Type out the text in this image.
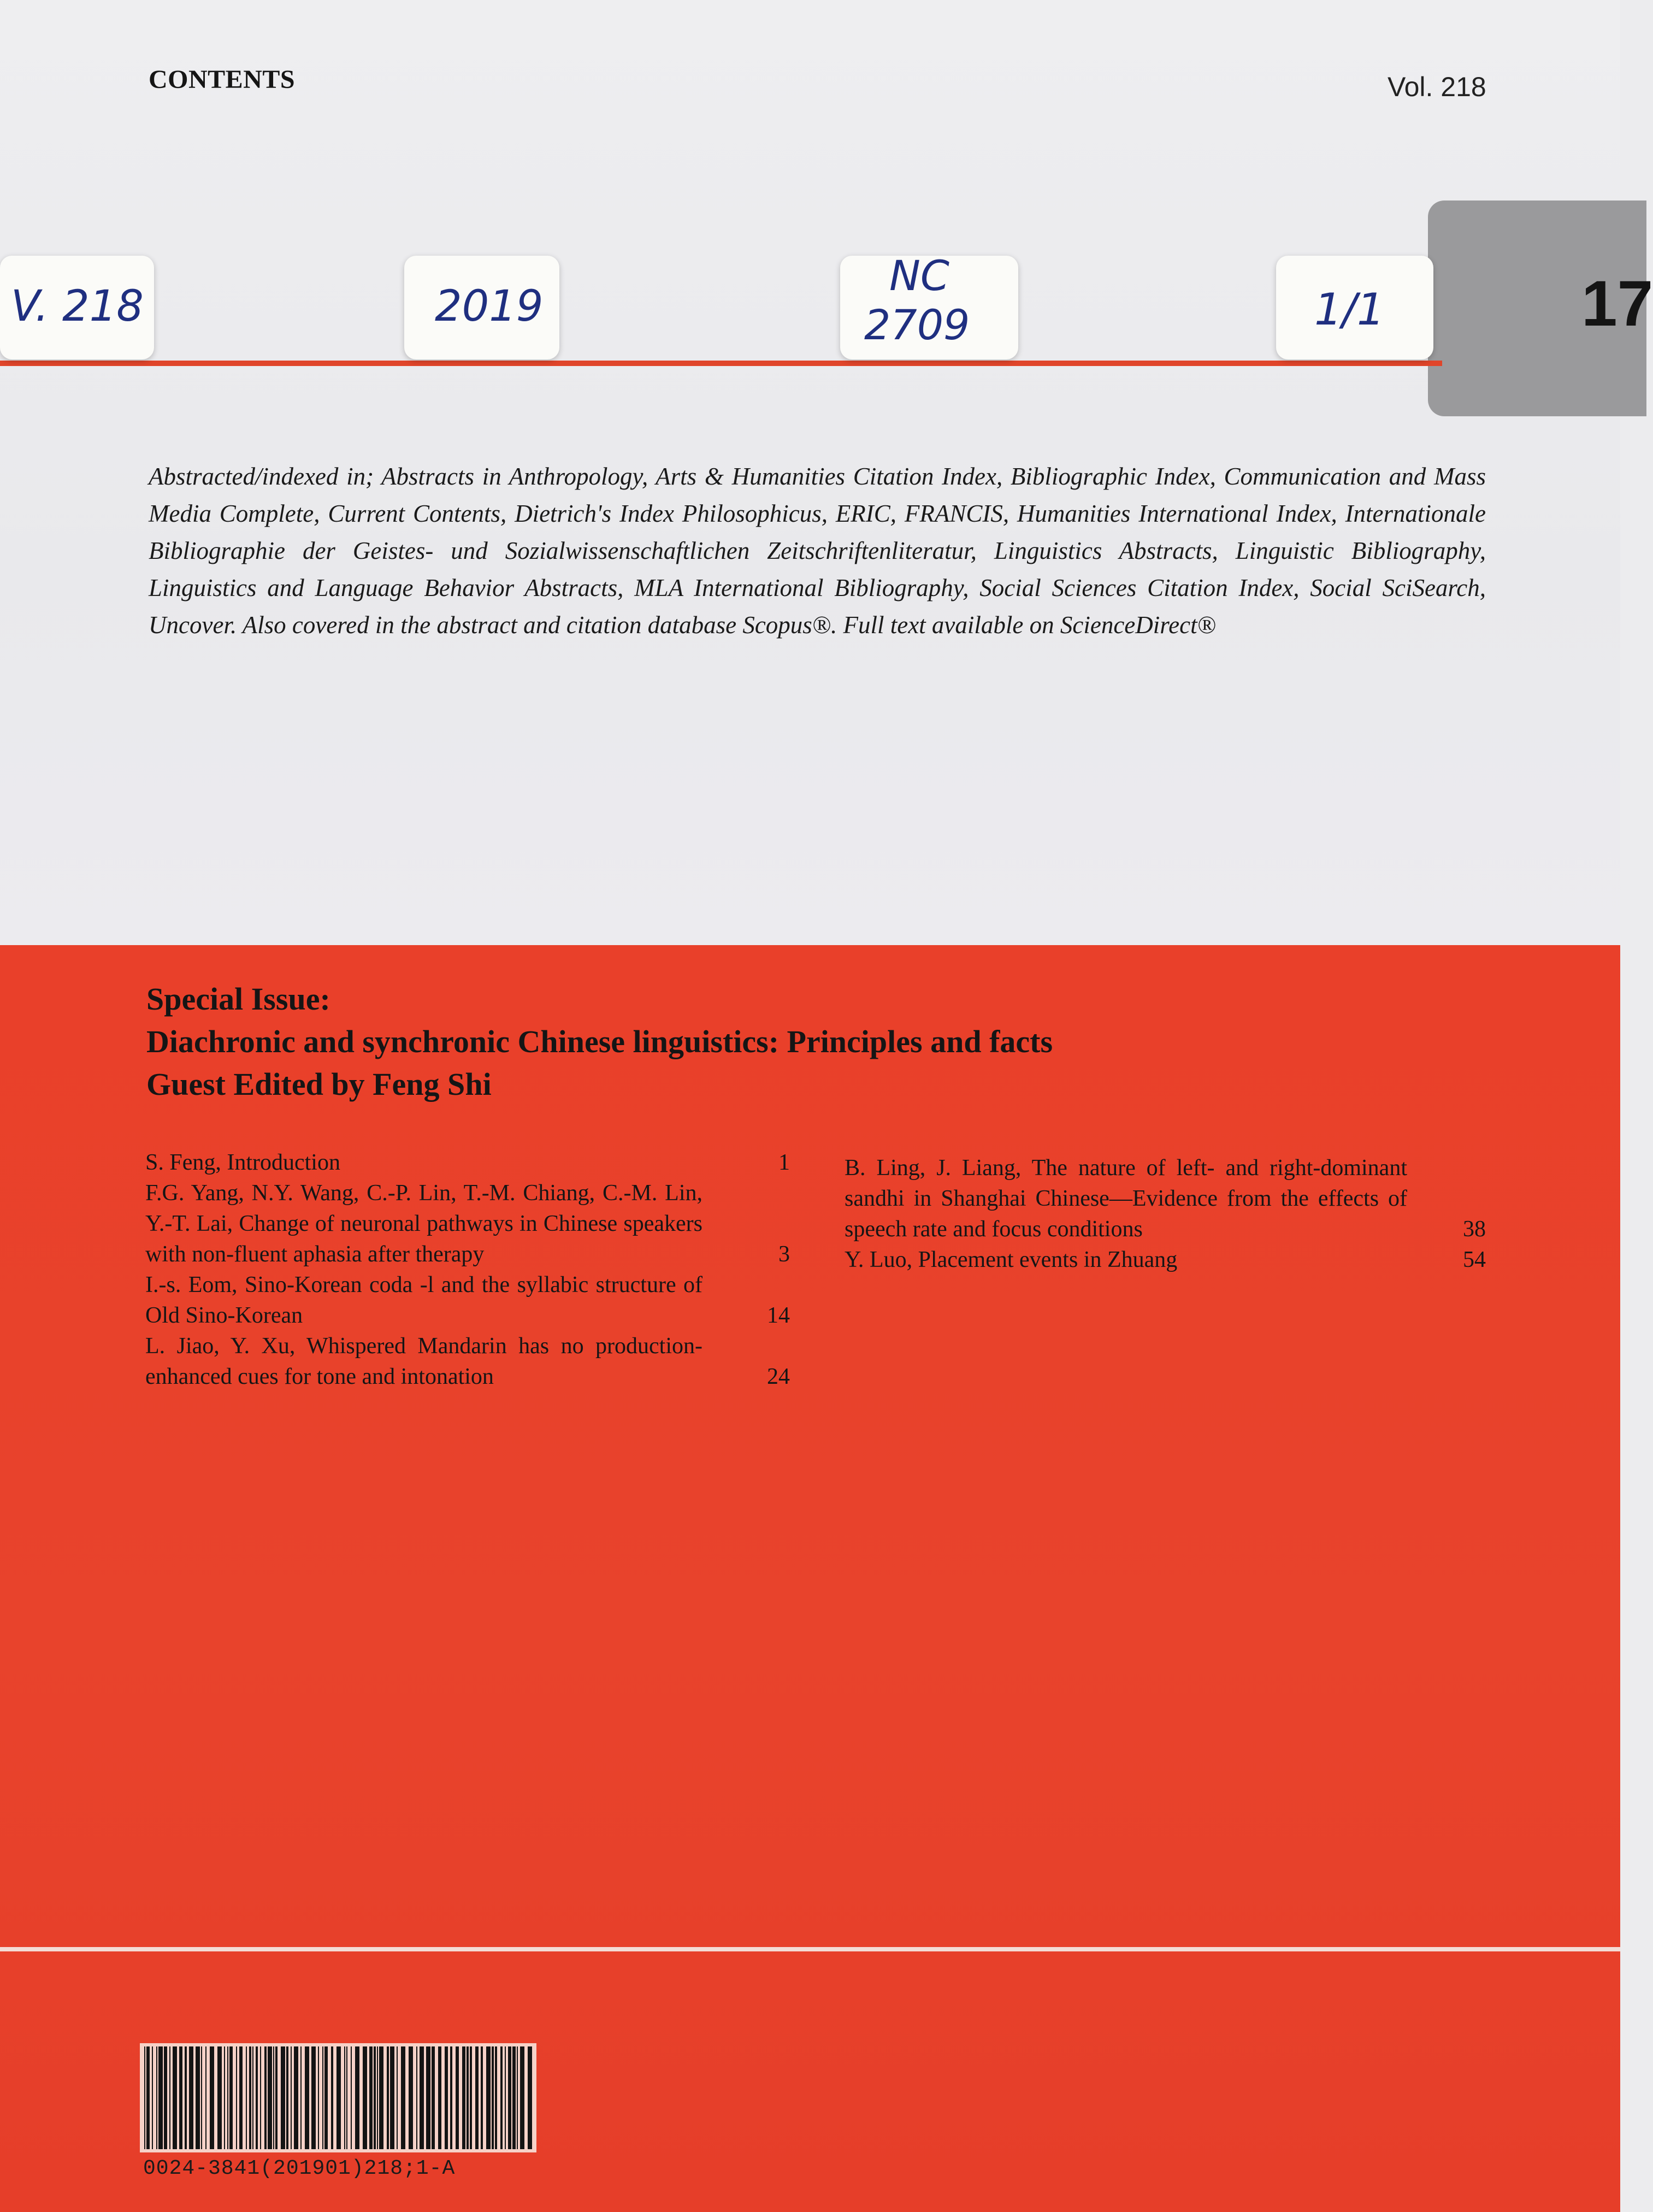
CONTENTS	Vol. 218
17
V. 218	2019
NC
2709	1/1
Abstracted/indexed in; Abstracts in Anthropology, Arts & Humanities Citation Index, Bibliographic Index, Communication and Mass Media Complete, Current Contents, Dietrich's Index Philosophicus, ERIC, FRANCIS, Humanities International Index, Internationale Bibliographie der Geistes- und Sozialwissenschaftlichen Zeitschriftenliteratur, Linguistics Abstracts, Linguistic Bibliography, Linguistics and Language Behavior Abstracts, MLA International Bibliography, Social Sciences Citation Index, Social SciSearch, Uncover. Also covered in the abstract and citation database Scopus®. Full text available on ScienceDirect®
Special Issue:
Diachronic and synchronic Chinese linguistics: Principles and facts
Guest Edited by Feng Shi
S. Feng, Introduction	1
F.G. Yang, N.Y. Wang, C.-P. Lin, T.-M. Chiang, C.-M. Lin, Y.-T. Lai, Change of neuronal pathways in Chinese speakers with non-fluent aphasia after therapy	3
I.-s. Eom, Sino-Korean coda -l and the syllabic structure of Old Sino-Korean	14
L. Jiao, Y. Xu, Whispered Mandarin has no production-enhanced cues for tone and intonation	24
B. Ling, J. Liang, The nature of left- and right-dominant sandhi in Shanghai Chinese—Evidence from the effects of speech rate and focus conditions	38
Y. Luo, Placement events in Zhuang	54
0024-3841(201901)218;1-A
